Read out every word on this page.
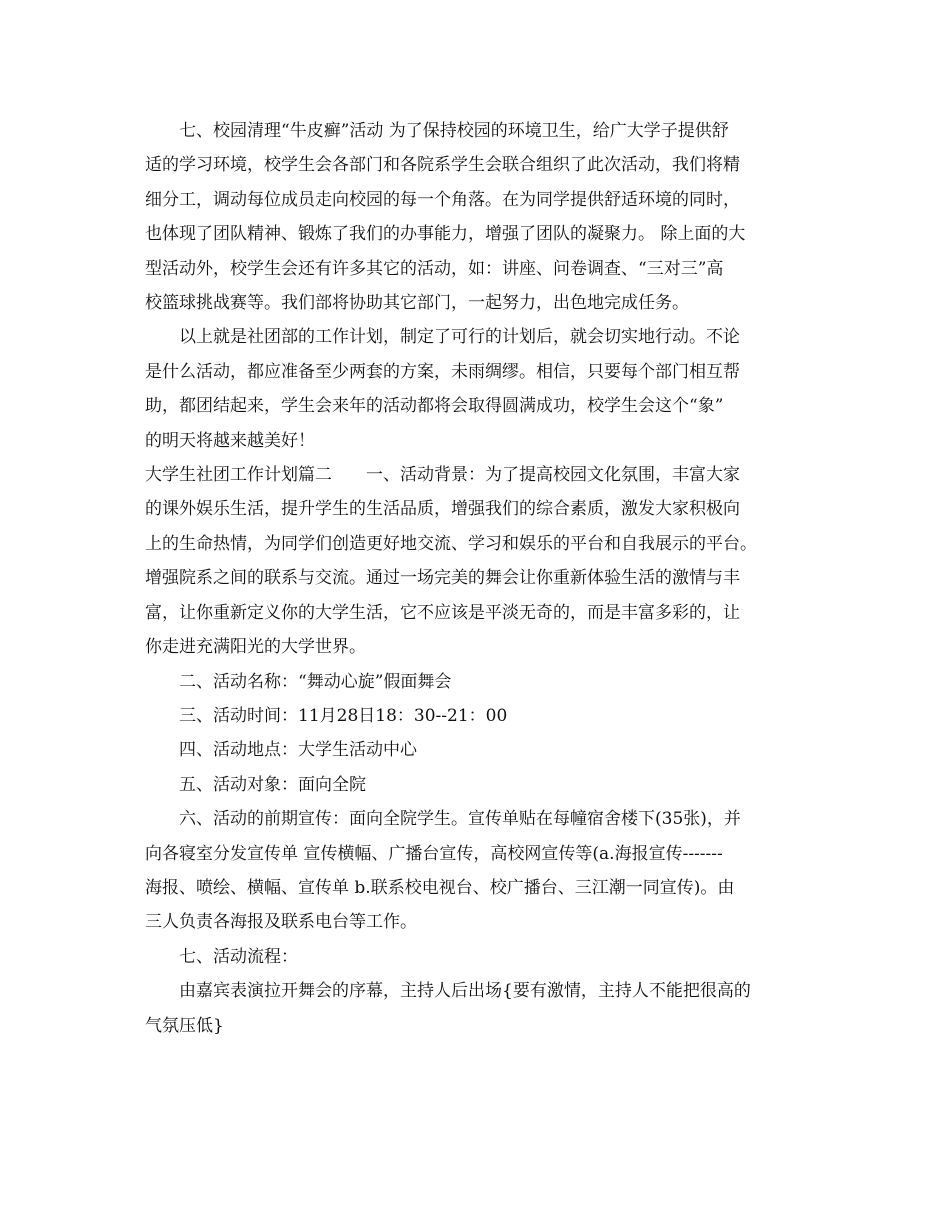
七、校园清理“牛皮癣”活动 为了保持校园的环境卫生，给广大学子提供舒
适的学习环境，校学生会各部门和各院系学生会联合组织了此次活动，我们将精
细分工，调动每位成员走向校园的每一个角落。在为同学提供舒适环境的同时，
也体现了团队精神、锻炼了我们的办事能力，增强了团队的凝聚力。 除上面的大
型活动外，校学生会还有许多其它的活动，如：讲座、问卷调查、“三对三”高
校篮球挑战赛等。我们部将协助其它部门，一起努力，出色地完成任务。
以上就是社团部的工作计划，制定了可行的计划后，就会切实地行动。不论
是什么活动，都应准备至少两套的方案，未雨绸缪。相信，只要每个部门相互帮
助，都团结起来，学生会来年的活动都将会取得圆满成功，校学生会这个“象”
的明天将越来越美好！
大学生社团工作计划篇二　　一、活动背景：为了提高校园文化氛围，丰富大家
的课外娱乐生活，提升学生的生活品质，增强我们的综合素质，激发大家积极向
上的生命热情，为同学们创造更好地交流、学习和娱乐的平台和自我展示的平台。
增强院系之间的联系与交流。通过一场完美的舞会让你重新体验生活的激情与丰
富，让你重新定义你的大学生活，它不应该是平淡无奇的，而是丰富多彩的，让
你走进充满阳光的大学世界。
二、活动名称：“舞动心旋”假面舞会
三、活动时间：11月28日18：30--21：00
四、活动地点：大学生活动中心
五、活动对象：面向全院
六、活动的前期宣传：面向全院学生。宣传单贴在每幢宿舍楼下(35张)，并
向各寝室分发宣传单 宣传横幅、广播台宣传，高校网宣传等(a.海报宣传-------
海报、喷绘、横幅、宣传单 b.联系校电视台、校广播台、三江潮一同宣传)。由
三人负责各海报及联系电台等工作。
七、活动流程：
由嘉宾表演拉开舞会的序幕，主持人后出场{要有激情，主持人不能把很高的
气氛压低}
